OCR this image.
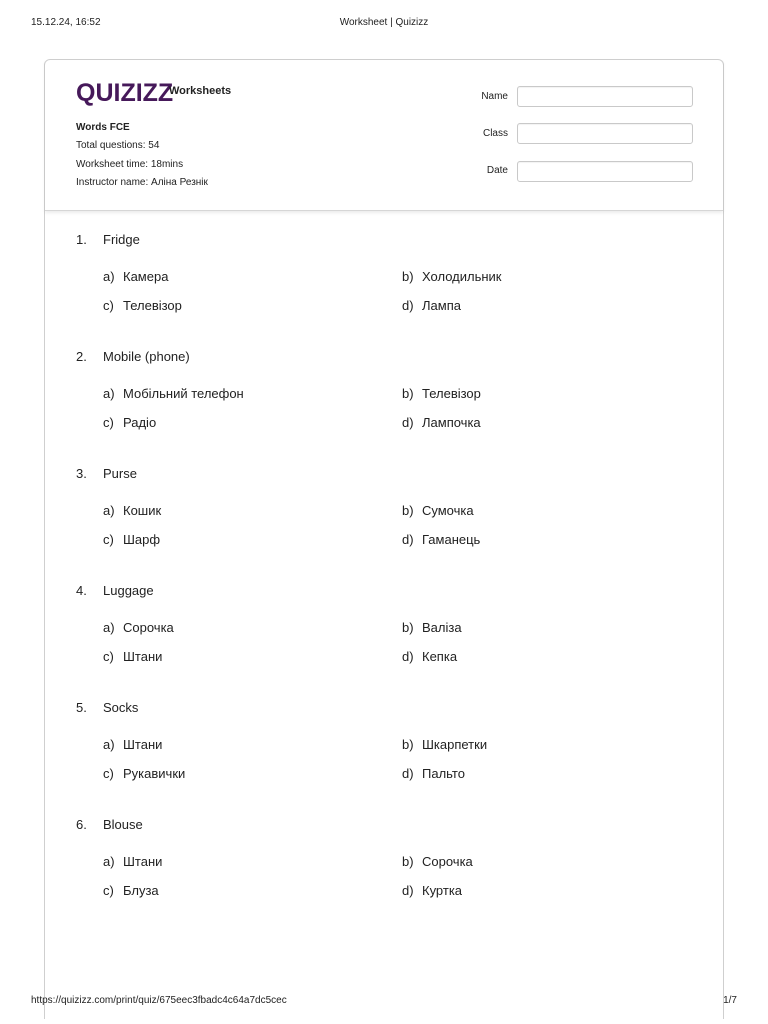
15.12.24, 16:52	Worksheet | Quizizz
QUIZIZZ
Worksheets
Words FCE
Total questions: 54
Worksheet time: 18mins
Instructor name: Аліна Резнік
Name
Class
Date
1. Fridge
a) Камера	b) Холодильник
c) Телевізор	d) Лампа
2. Mobile (phone)
a) Мобільний телефон	b) Телевізор
c) Радіо	d) Лампочка
3. Purse
a) Кошик	b) Сумочка
c) Шарф	d) Гаманець
4. Luggage
a) Сорочка	b) Валіза
c) Штани	d) Кепка
5. Socks
a) Штани	b) Шкарпетки
c) Рукавички	d) Пальто
6. Blouse
a) Штани	b) Сорочка
c) Блуза	d) Куртка
https://quizizz.com/print/quiz/675eec3fbadc4c64a7dc5cec	1/7
